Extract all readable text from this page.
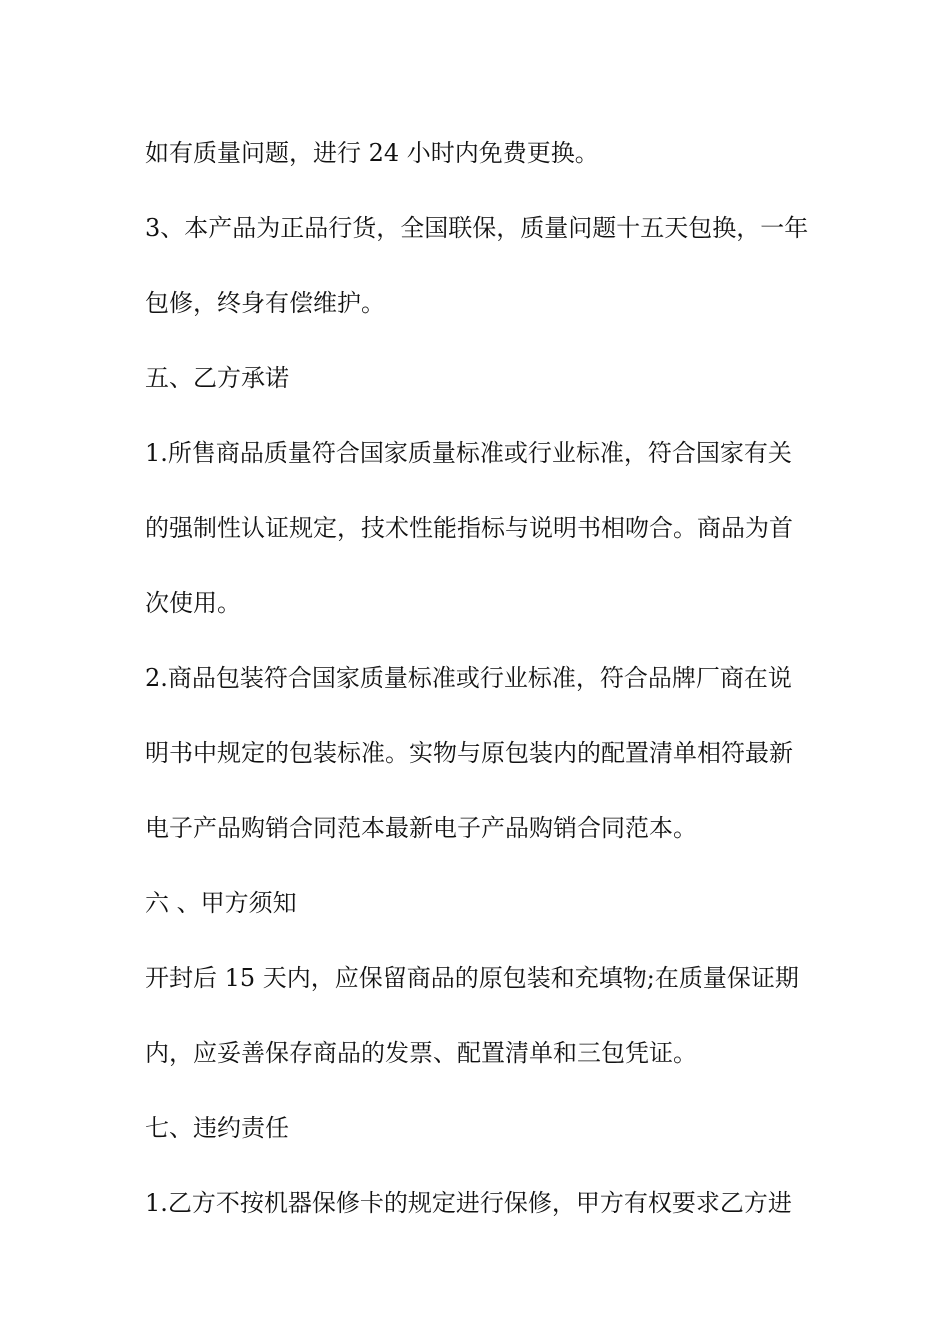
如有质量问题，进行 24 小时内免费更换。
3、本产品为正品行货，全国联保，质量问题十五天包换，一年
包修，终身有偿维护。
五、乙方承诺
1.所售商品质量符合国家质量标准或行业标准，符合国家有关
的强制性认证规定，技术性能指标与说明书相吻合。商品为首
次使用。
2.商品包装符合国家质量标准或行业标准，符合品牌厂商在说
明书中规定的包装标准。实物与原包装内的配置清单相符最新
电子产品购销合同范本最新电子产品购销合同范本。
六 、甲方须知
开封后 15 天内，应保留商品的原包装和充填物;在质量保证期
内，应妥善保存商品的发票、配置清单和三包凭证。
七、违约责任
1.乙方不按机器保修卡的规定进行保修，甲方有权要求乙方进
